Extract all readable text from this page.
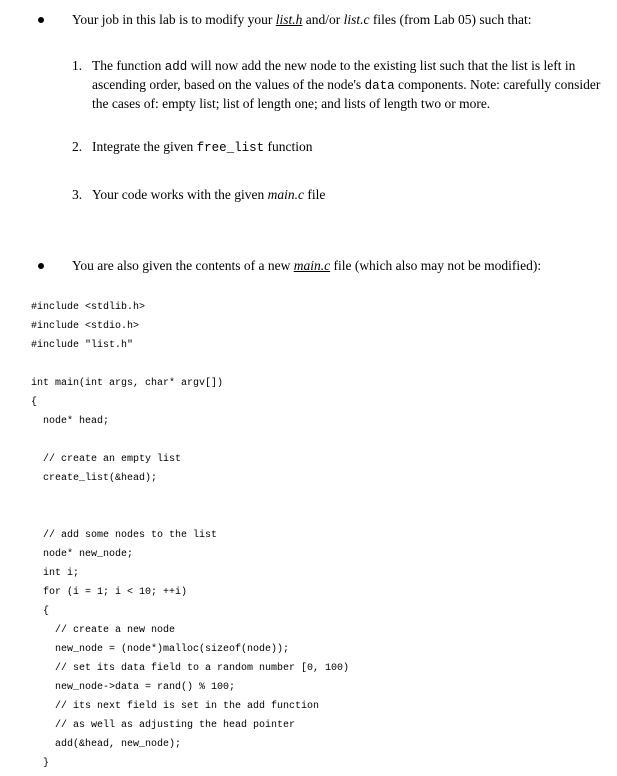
Your job in this lab is to modify your list.h and/or list.c files (from Lab 05) such that:
1. The function add will now add the new node to the existing list such that the list is left in ascending order, based on the values of the node's data components. Note: carefully consider the cases of: empty list; list of length one; and lists of length two or more.
2. Integrate the given free_list function
3. Your code works with the given main.c file
You are also given the contents of a new main.c file (which also may not be modified):
#include <stdlib.h>
#include <stdio.h>
#include "list.h"
int main(int args, char* argv[])
{
node* head;
// create an empty list
create_list(&head);
// add some nodes to the list
node* new_node;
int i;
for (i = 1; i < 10; ++i)
{
// create a new node
new_node = (node*)malloc(sizeof(node));
// set its data field to a random number [0, 100)
new_node->data = rand() % 100;
// its next field is set in the add function
// as well as adjusting the head pointer
add(&head, new_node);
}
